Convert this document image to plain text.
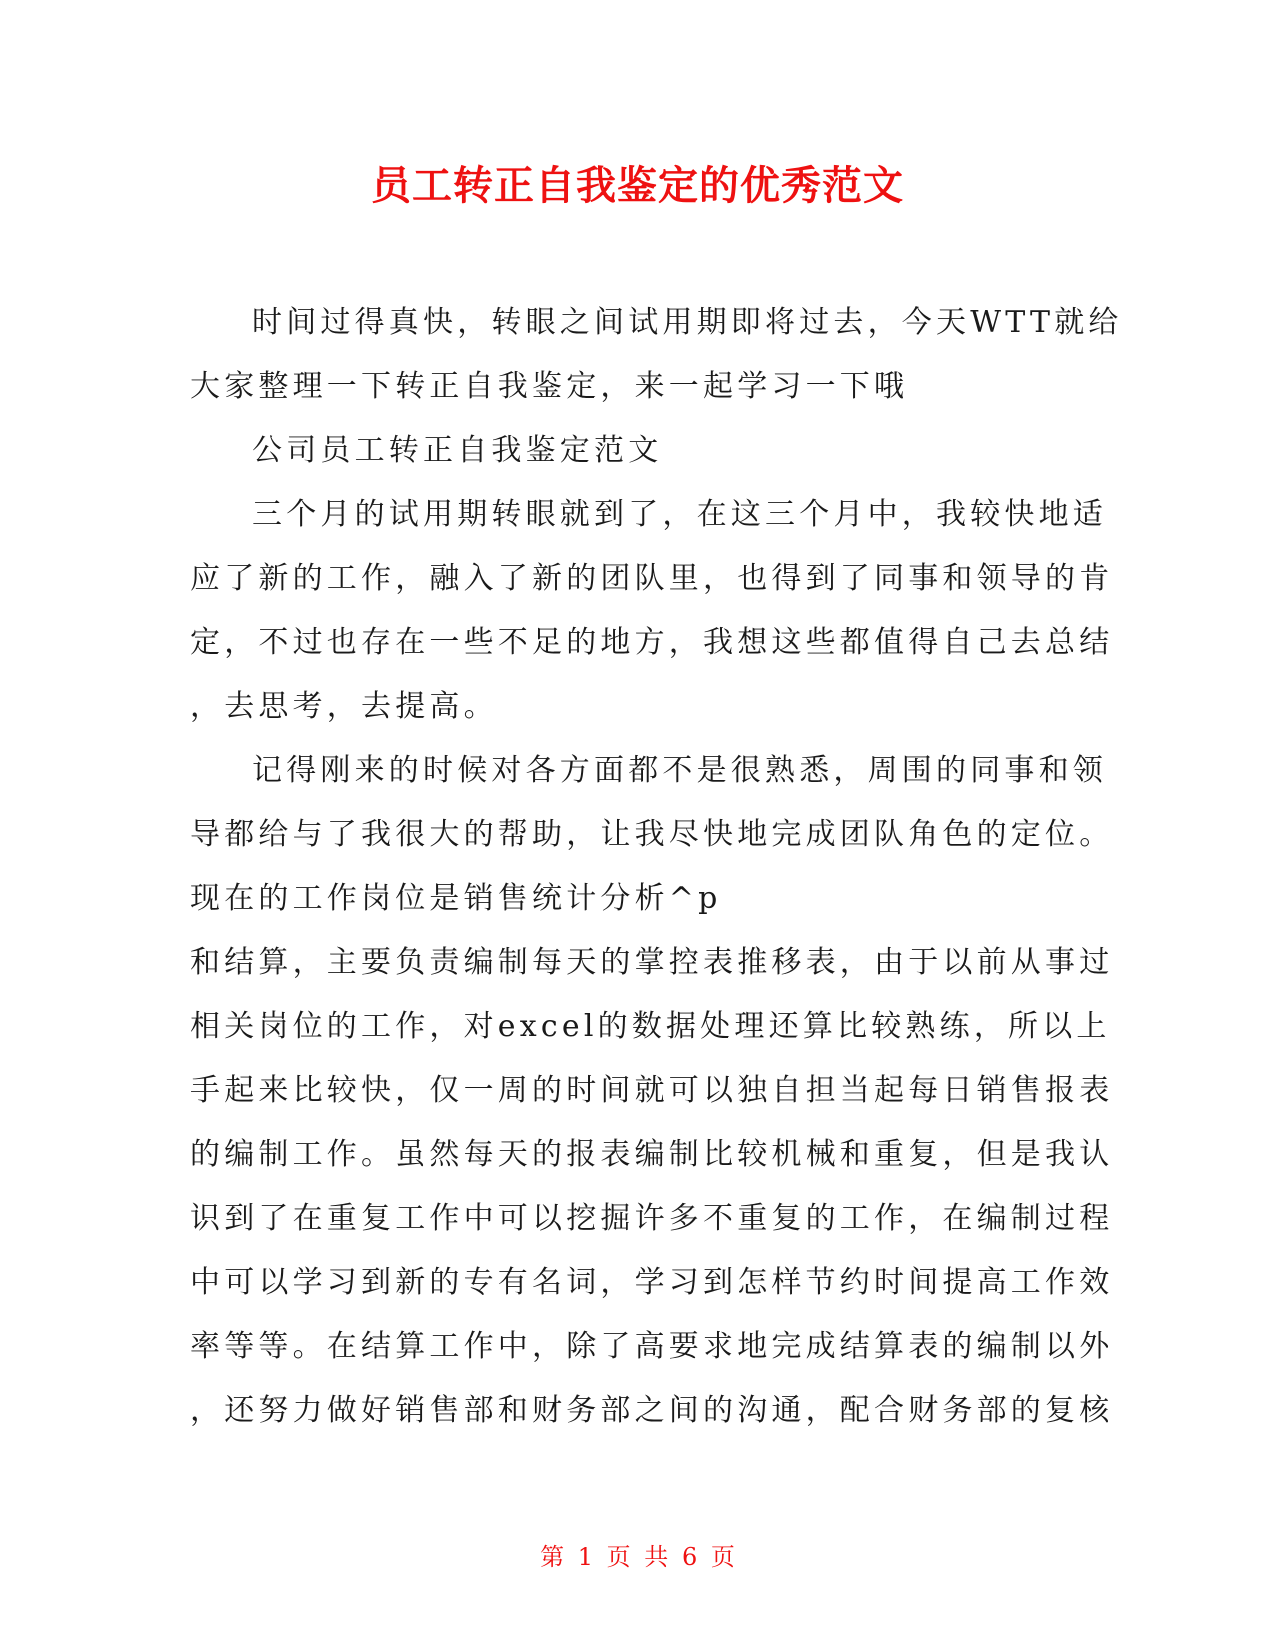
员工转正自我鉴定的优秀范文
时间过得真快，转眼之间试用期即将过去，今天WTT就给
大家整理一下转正自我鉴定，来一起学习一下哦
公司员工转正自我鉴定范文
三个月的试用期转眼就到了，在这三个月中，我较快地适
应了新的工作，融入了新的团队里，也得到了同事和领导的肯
定，不过也存在一些不足的地方，我想这些都值得自己去总结
，去思考，去提高。
记得刚来的时候对各方面都不是很熟悉，周围的同事和领
导都给与了我很大的帮助，让我尽快地完成团队角色的定位。
现在的工作岗位是销售统计分析^p
和结算，主要负责编制每天的掌控表推移表，由于以前从事过
相关岗位的工作，对excel的数据处理还算比较熟练，所以上
手起来比较快，仅一周的时间就可以独自担当起每日销售报表
的编制工作。虽然每天的报表编制比较机械和重复，但是我认
识到了在重复工作中可以挖掘许多不重复的工作，在编制过程
中可以学习到新的专有名词，学习到怎样节约时间提高工作效
率等等。在结算工作中，除了高要求地完成结算表的编制以外
，还努力做好销售部和财务部之间的沟通，配合财务部的复核
第 1 页 共 6 页
